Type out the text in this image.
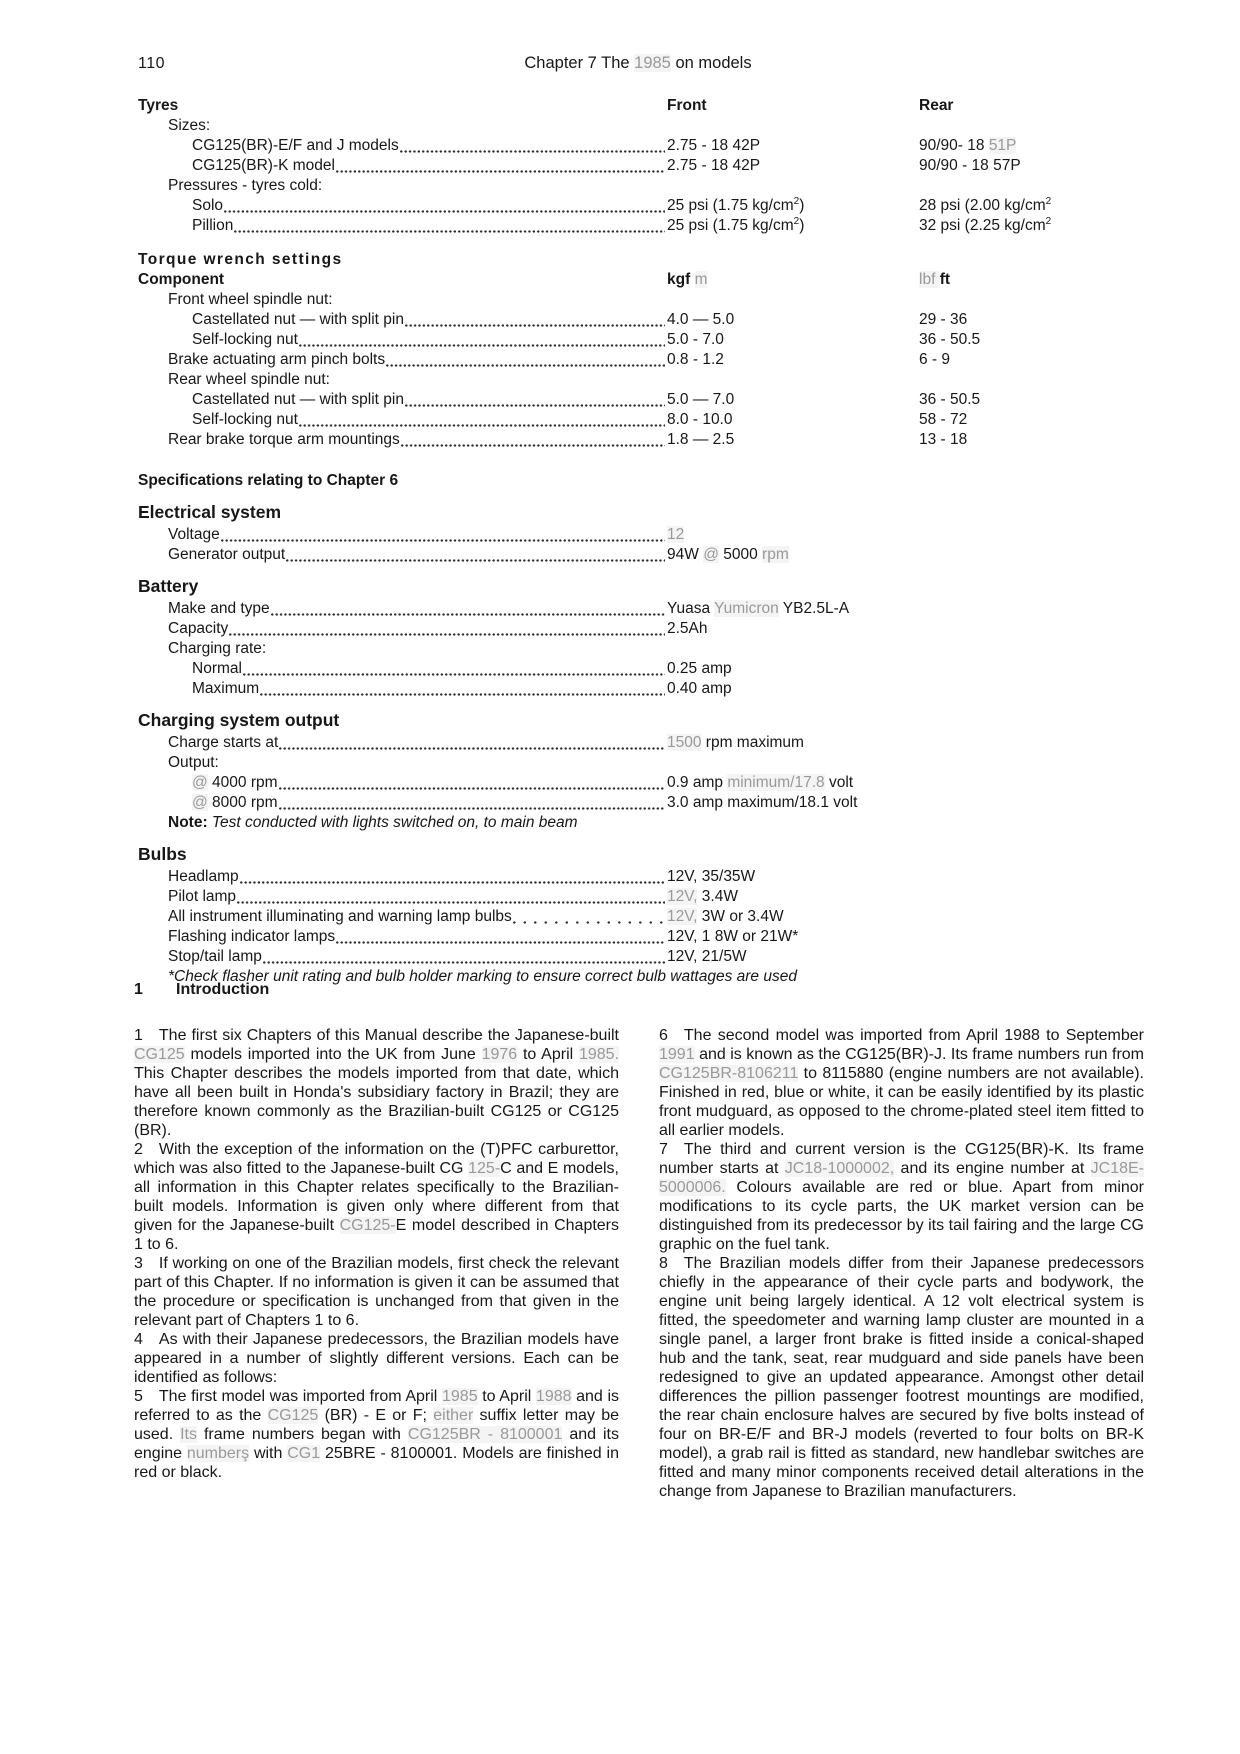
110	Chapter 7 The 1985 on models
Tyres	Front	Rear
Sizes:
CG125(BR)-E/F and J models	2.75 - 18 42P	90/90- 18 51P
CG125(BR)-K model	2.75 - 18 42P	90/90 - 18 57P
Pressures - tyres cold:
Solo	25 psi (1.75 $kg/cm^2$)	28 psi (2.00 $kg/cm^2$
Pillion	25 psi (1.75 $kg/cm^2$)	32 psi (2.25 $kg/cm^2$
Torque wrench settings
Component	kgf m	lbf ft
Front wheel spindle nut:
Castellated nut — with split pin	4.0 — 5.0	29 - 36
Self-locking nut	5.0 - 7.0	36 - 50.5
Brake actuating arm pinch bolts	0.8 - 1.2	6 - 9
Rear wheel spindle nut:
Castellated nut — with split pin	5.0 — 7.0	36 - 50.5
Self-locking nut	8.0 - 10.0	58 - 72
Rear brake torque arm mountings	1.8 — 2.5	13 - 18
Specifications relating to Chapter 6
Electrical system
Voltage	12
Generator output	94W @ 5000 rpm
Battery
Make and type	Yuasa Yumicron YB2.5L-A
Capacity	2.5Ah
Charging rate:
Normal	0.25 amp
Maximum	0.40 amp
Charging system output
Charge starts at	1500 rpm maximum
Output:
@ 4000 rpm	0.9 amp minimum/17.8 volt
@ 8000 rpm	3.0 amp maximum/18.1 volt
Note: Test conducted with lights switched on, to main beam
Bulbs
Headlamp	12V, 35/35W
Pilot lamp	12V, 3.4W
All instrument illuminating and warning lamp bulbs	12V, 3W or 3.4W
Flashing indicator lamps	12V, 1 8W or 21W*
Stop/tail lamp	12V, 21/5W
*Check flasher unit rating and bulb holder marking to ensure correct bulb wattages are used
1 Introduction

1  The first six Chapters of this Manual describe the Japanese-built CG125 models imported into the UK from June 1976 to April 1985. This Chapter describes the models imported from that date, which have all been built in Honda's subsidiary factory in Brazil; they are therefore known commonly as the Brazilian-built CG125 or CG125 (BR).

2  With the exception of the information on the (T)PFC carburettor, which was also fitted to the Japanese-built CG 125-C and E models, all information in this Chapter relates specifically to the Brazilian-built models. Information is given only where different from that given for the Japanese-built CG125-E model described in Chapters 1 to 6.

3  If working on one of the Brazilian models, first check the relevant part of this Chapter. If no information is given it can be assumed that the procedure or specification is unchanged from that given in the relevant part of Chapters 1 to 6.

4  As with their Japanese predecessors, the Brazilian models have appeared in a number of slightly different versions. Each can be identified as follows:

5  The first model was imported from April 1985 to April 1988 and is referred to as the CG125 (BR) - E or F; either suffix letter may be used. Its frame numbers began with CG125BR - 8100001 and its engine numberş with CG1 25BRE - 8100001. Models are finished in red or black.

6  The second model was imported from April 1988 to September 1991 and is known as the CG125(BR)-J. Its frame numbers run from CG125BR-8106211 to 8115880 (engine numbers are not available). Finished in red, blue or white, it can be easily identified by its plastic front mudguard, as opposed to the chrome-plated steel item fitted to all earlier models.

7  The third and current version is the CG125(BR)-K. Its frame number starts at JC18-1000002, and its engine number at JC18E-5000006. Colours available are red or blue. Apart from minor modifications to its cycle parts, the UK market version can be distinguished from its predecessor by its tail fairing and the large CG graphic on the fuel tank.

8  The Brazilian models differ from their Japanese predecessors chiefly in the appearance of their cycle parts and bodywork, the engine unit being largely identical. A 12 volt electrical system is fitted, the speedometer and warning lamp cluster are mounted in a single panel, a larger front brake is fitted inside a conical-shaped hub and the tank, seat, rear mudguard and side panels have been redesigned to give an updated appearance. Amongst other detail differences the pillion passenger footrest mountings are modified, the rear chain enclosure halves are secured by five bolts instead of four on BR-E/F and BR-J models (reverted to four bolts on BR-K model), a grab rail is fitted as standard, new handlebar switches are fitted and many minor components received detail alterations in the change from Japanese to Brazilian manufacturers.
